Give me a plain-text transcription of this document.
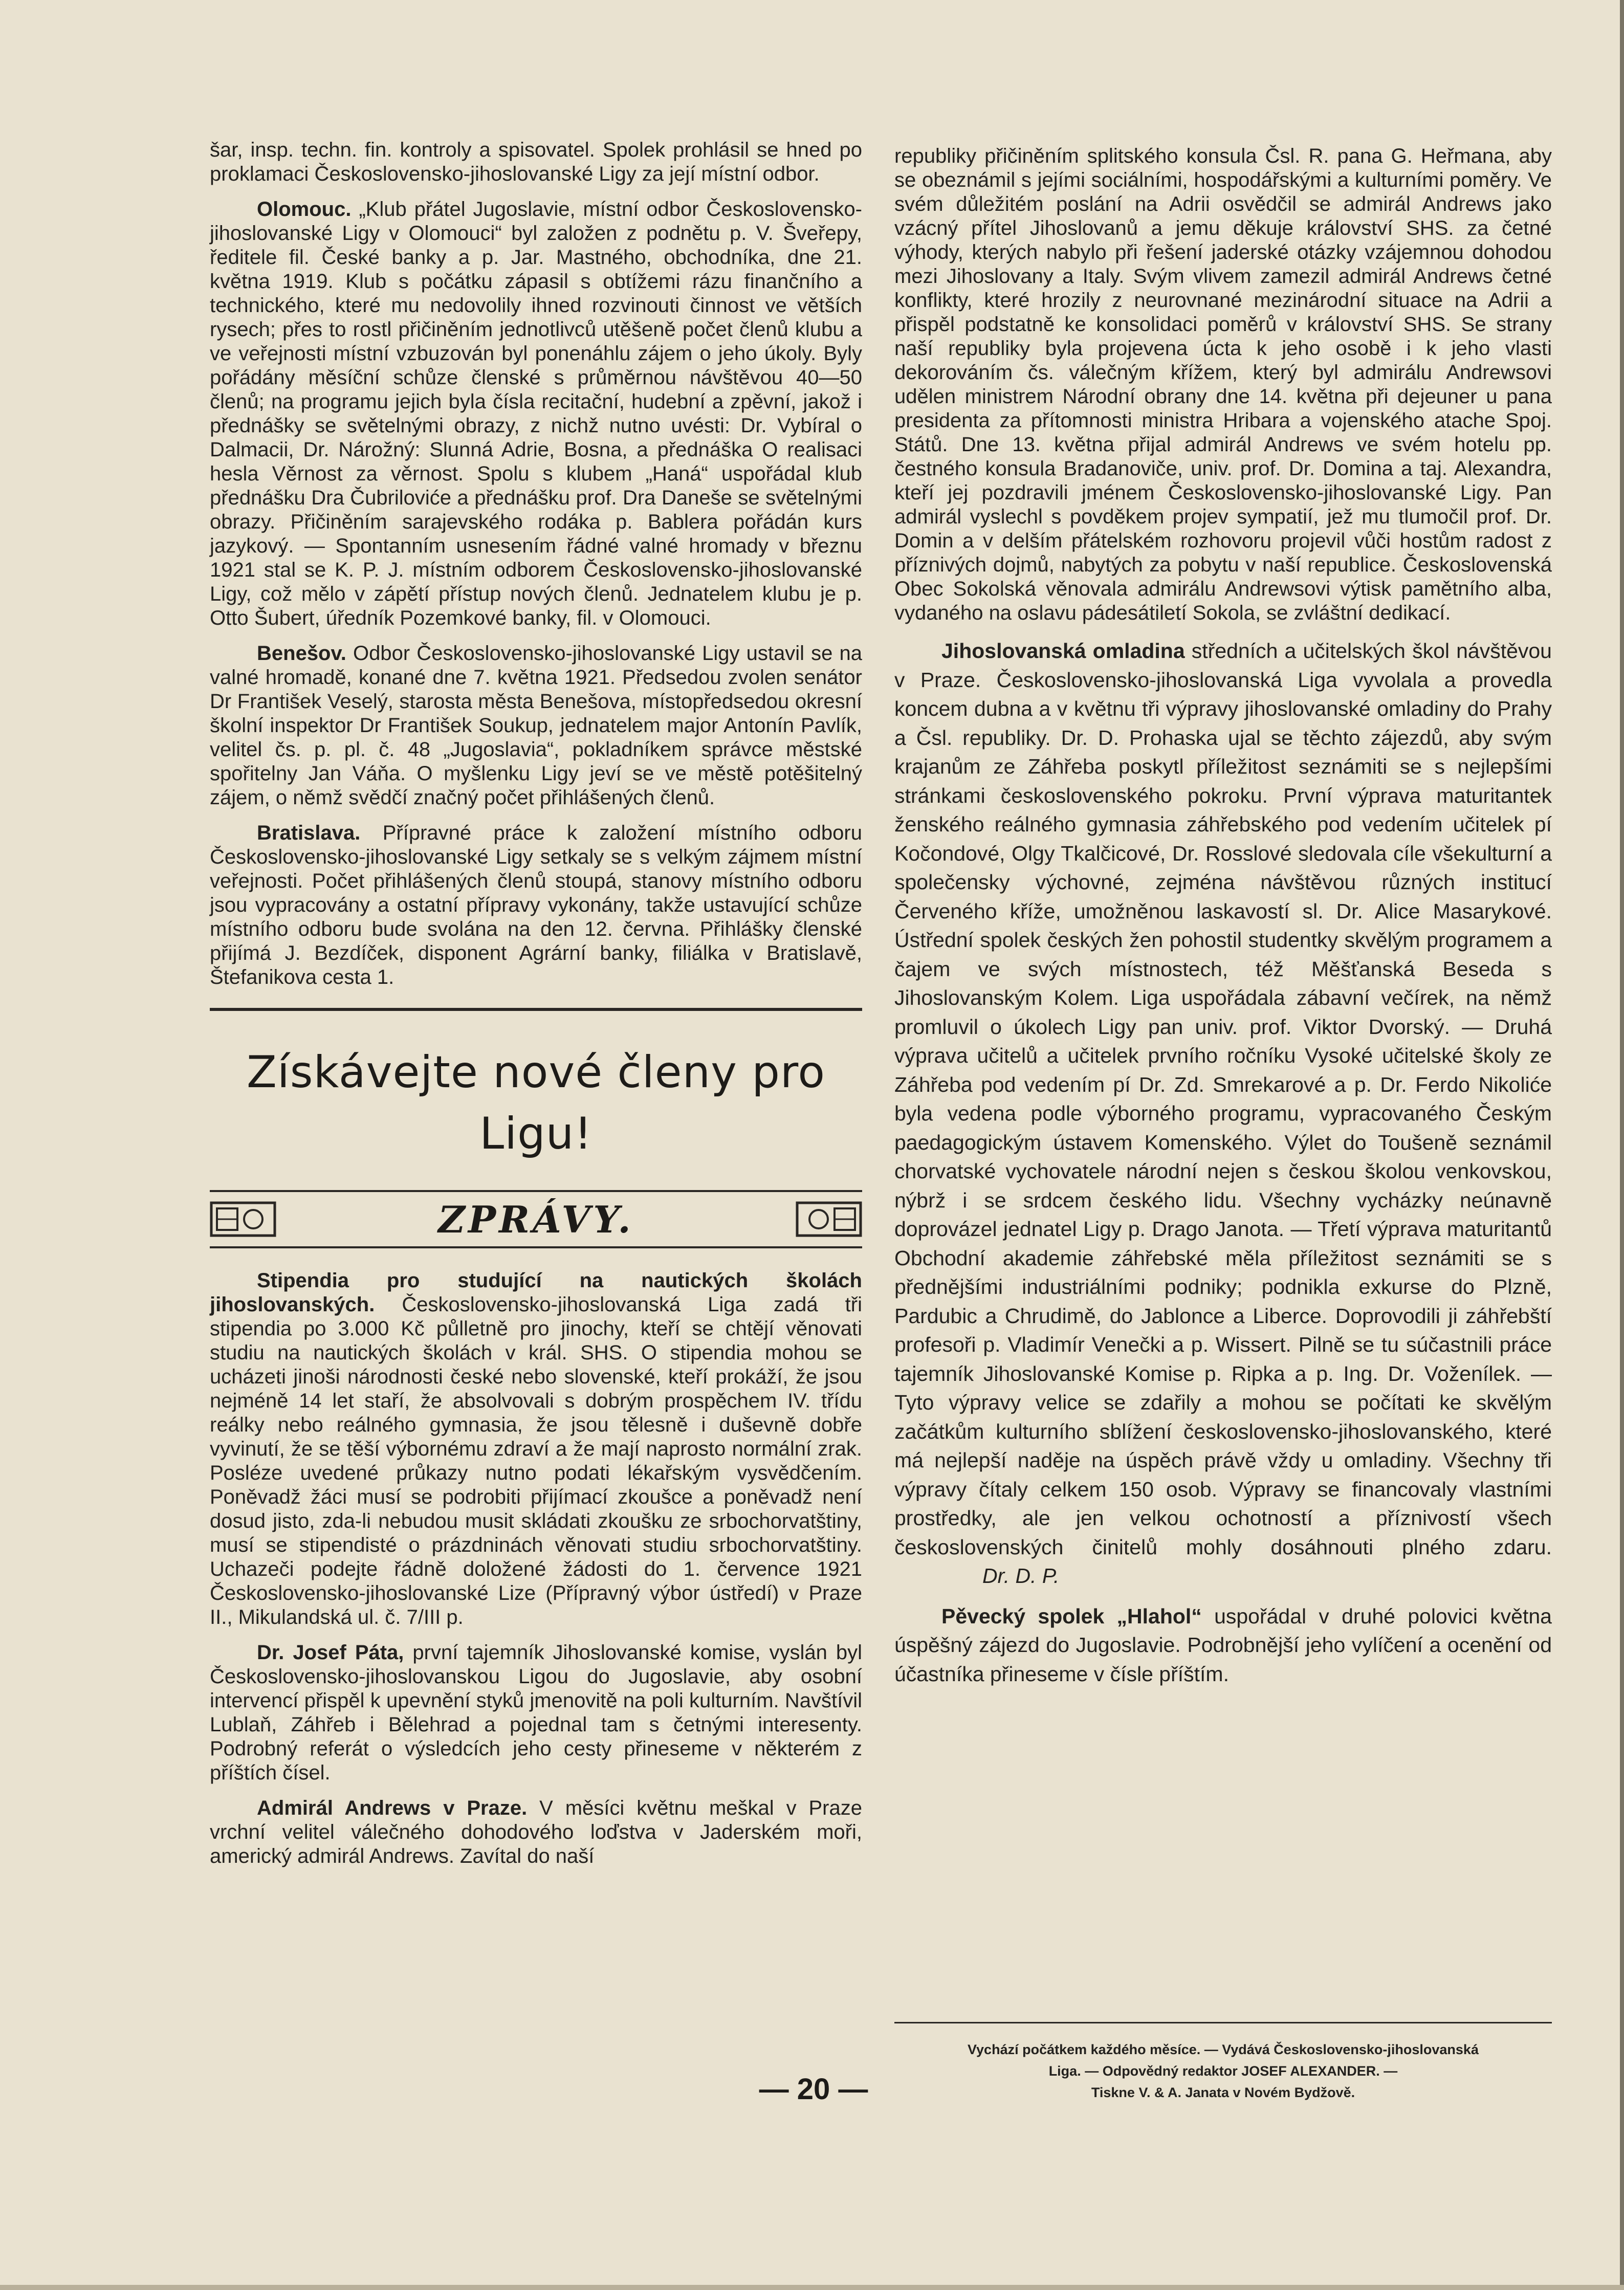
šar, insp. techn. fin. kontroly a spisovatel. Spolek prohlásil se hned po proklamaci Československo-jihoslovanské Ligy za její místní odbor.

Olomouc. „Klub přátel Jugoslavie, místní odbor Československo-jihoslovanské Ligy v Olomouci“ byl založen z podnětu p. V. Šveřepy, ředitele fil. České banky a p. Jar. Mastného, obchodníka, dne 21. května 1919. Klub s počátku zápasil s obtížemi rázu finančního a technického, které mu nedovolily ihned rozvinouti činnost ve větších rysech; přes to rostl přičiněním jednotlivců utěšeně počet členů klubu a ve veřejnosti místní vzbuzován byl ponenáhlu zájem o jeho úkoly. Byly pořádány měsíční schůze členské s průměrnou návštěvou 40—50 členů; na programu jejich byla čísla recitační, hudební a zpěvní, jakož i přednášky se světelnými obrazy, z nichž nutno uvésti: Dr. Vybíral o Dalmacii, Dr. Nárožný: Slunná Adrie, Bosna, a přednáška O realisaci hesla Věrnost za věrnost. Spolu s klubem „Haná“ uspořádal klub přednášku Dra Čubriloviće a přednášku prof. Dra Daneše se světelnými obrazy. Přičiněním sarajevského rodáka p. Bablera pořádán kurs jazykový. — Spontanním usnesením řádné valné hromady v březnu 1921 stal se K. P. J. místním odborem Československo-jihoslovanské Ligy, což mělo v zápětí přístup nových členů. Jednatelem klubu je p. Otto Šubert, úředník Pozemkové banky, fil. v Olomouci.

Benešov. Odbor Československo-jihoslovanské Ligy ustavil se na valné hromadě, konané dne 7. května 1921. Předsedou zvolen senátor Dr František Veselý, starosta města Benešova, místopředsedou okresní školní inspektor Dr František Soukup, jednatelem major Antonín Pavlík, velitel čs. p. pl. č. 48 „Jugoslavia“, pokladníkem správce městské spořitelny Jan Váňa. O myšlenku Ligy jeví se ve městě potěšitelný zájem, o němž svědčí značný počet přihlášených členů.

Bratislava. Přípravné práce k založení místního odboru Československo-jihoslovanské Ligy setkaly se s velkým zájmem místní veřejnosti. Počet přihlášených členů stoupá, stanovy místního odboru jsou vypracovány a ostatní přípravy vykonány, takže ustavující schůze místního odboru bude svolána na den 12. června. Přihlášky členské přijímá J. Bezdíček, disponent Agrární banky, filiálka v Bratislavě, Štefanikova cesta 1.

Získávejte nové členy pro Ligu!
ZPRÁVY.

Stipendia pro studující na nautických školách jihoslovanských. Československo-jihoslovanská Liga zadá tři stipendia po 3.000 Kč půlletně pro jinochy, kteří se chtějí věnovati studiu na nautických školách v král. SHS. O stipendia mohou se ucházeti jinoši národnosti české nebo slovenské, kteří prokáží, že jsou nejméně 14 let staří, že absolvovali s dobrým prospěchem IV. třídu reálky nebo reálného gymnasia, že jsou tělesně i duševně dobře vyvinutí, že se těší výbornému zdraví a že mají naprosto normální zrak. Posléze uvedené průkazy nutno podati lékařským vysvědčením. Poněvadž žáci musí se podrobiti přijímací zkoušce a poněvadž není dosud jisto, zda-li nebudou musit skládati zkoušku ze srbochorvatštiny, musí se stipendisté o prázdninách věnovati studiu srbochorvatštiny. Uchazeči podejte řádně doložené žádosti do 1. července 1921 Československo-jihoslovanské Lize (Přípravný výbor ústředí) v Praze II., Mikulandská ul. č. 7/III p.

Dr. Josef Páta, první tajemník Jihoslovanské komise, vyslán byl Československo-jihoslovanskou Ligou do Jugoslavie, aby osobní intervencí přispěl k upevnění styků jmenovitě na poli kulturním. Navštívil Lublaň, Záhřeb i Bělehrad a pojednal tam s četnými interesenty. Podrobný referát o výsledcích jeho cesty přineseme v některém z příštích čísel.

Admirál Andrews v Praze. V měsíci květnu meškal v Praze vrchní velitel válečného dohodového loďstva v Jaderském moři, americký admirál Andrews. Zavítal do naší

republiky přičiněním splitského konsula Čsl. R. pana G. Heřmana, aby se obeznámil s jejími sociálními, hospodářskými a kulturními poměry. Ve svém důležitém poslání na Adrii osvědčil se admirál Andrews jako vzácný přítel Jihoslovanů a jemu děkuje království SHS. za četné výhody, kterých nabylo při řešení jaderské otázky vzájemnou dohodou mezi Jihoslovany a Italy. Svým vlivem zamezil admirál Andrews četné konflikty, které hrozily z neurovnané mezinárodní situace na Adrii a přispěl podstatně ke konsolidaci poměrů v království SHS. Se strany naší republiky byla projevena úcta k jeho osobě i k jeho vlasti dekorováním čs. válečným křížem, který byl admirálu Andrewsovi udělen ministrem Národní obrany dne 14. května při dejeuner u pana presidenta za přítomnosti ministra Hribara a vojenského atache Spoj. Států. Dne 13. května přijal admirál Andrews ve svém hotelu pp. čestného konsula Bradanoviče, univ. prof. Dr. Domina a taj. Alexandra, kteří jej pozdravili jménem Československo-jihoslovanské Ligy. Pan admirál vyslechl s povděkem projev sympatií, jež mu tlumočil prof. Dr. Domin a v delším přátelském rozhovoru projevil vůči hostům radost z příznivých dojmů, nabytých za pobytu v naší republice. Československá Obec Sokolská věnovala admirálu Andrewsovi výtisk pamětního alba, vydaného na oslavu pádesátiletí Sokola, se zvláštní dedikací.

Jihoslovanská omladina středních a učitelských škol návštěvou v Praze. Československo-jihoslovanská Liga vyvolala a provedla koncem dubna a v květnu tři výpravy jihoslovanské omladiny do Prahy a Čsl. republiky. Dr. D. Prohaska ujal se těchto zájezdů, aby svým krajanům ze Záhřeba poskytl příležitost seznámiti se s nejlepšími stránkami československého pokroku. První výprava maturitantek ženského reálného gymnasia záhřebského pod vedením učitelek pí Kočondové, Olgy Tkalčicové, Dr. Rosslové sledovala cíle všekulturní a společensky výchovné, zejména návštěvou různých institucí Červeného kříže, umožněnou laskavostí sl. Dr. Alice Masarykové. Ústřední spolek českých žen pohostil studentky skvělým programem a čajem ve svých místnostech, též Měšťanská Beseda s Jihoslovanským Kolem. Liga uspořádala zábavní večírek, na němž promluvil o úkolech Ligy pan univ. prof. Viktor Dvorský. — Druhá výprava učitelů a učitelek prvního ročníku Vysoké učitelské školy ze Záhřeba pod vedením pí Dr. Zd. Smrekarové a p. Dr. Ferdo Nikoliće byla vedena podle výborného programu, vypracovaného Českým paedagogickým ústavem Komenského. Výlet do Toušeně seznámil chorvatské vychovatele národní nejen s českou školou venkovskou, nýbrž i se srdcem českého lidu. Všechny vycházky neúnavně doprovázel jednatel Ligy p. Drago Janota. — Třetí výprava maturitantů Obchodní akademie záhřebské měla příležitost seznámiti se s přednějšími industriálními podniky; podnikla exkurse do Plzně, Pardubic a Chrudimě, do Jablonce a Liberce. Doprovodili ji záhřebští profesoři p. Vladimír Venečki a p. Wissert. Pilně se tu súčastnili práce tajemník Jihoslovanské Komise p. Ripka a p. Ing. Dr. Voženílek. — Tyto výpravy velice se zdařily a mohou se počítati ke skvělým začátkům kulturního sblížení československo-jihoslovanského, které má nejlepší naděje na úspěch právě vždy u omladiny. Všechny tři výpravy čítaly celkem 150 osob. Výpravy se financovaly vlastními prostředky, ale jen velkou ochotností a příznivostí všech československých činitelů mohly dosáhnouti plného zdaru. Dr. D. P.

Pěvecký spolek „Hlahol“ uspořádal v druhé polovici května úspěšný zájezd do Jugoslavie. Podrobnější jeho vylíčení a ocenění od účastníka přineseme v čísle příštím.

Vychází počátkem každého měsíce. — Vydává Československo-jihoslovanská
Liga. — Odpovědný redaktor JOSEF ALEXANDER. —
Tiskne V. & A. Janata v Novém Bydžově.
— 20 —
